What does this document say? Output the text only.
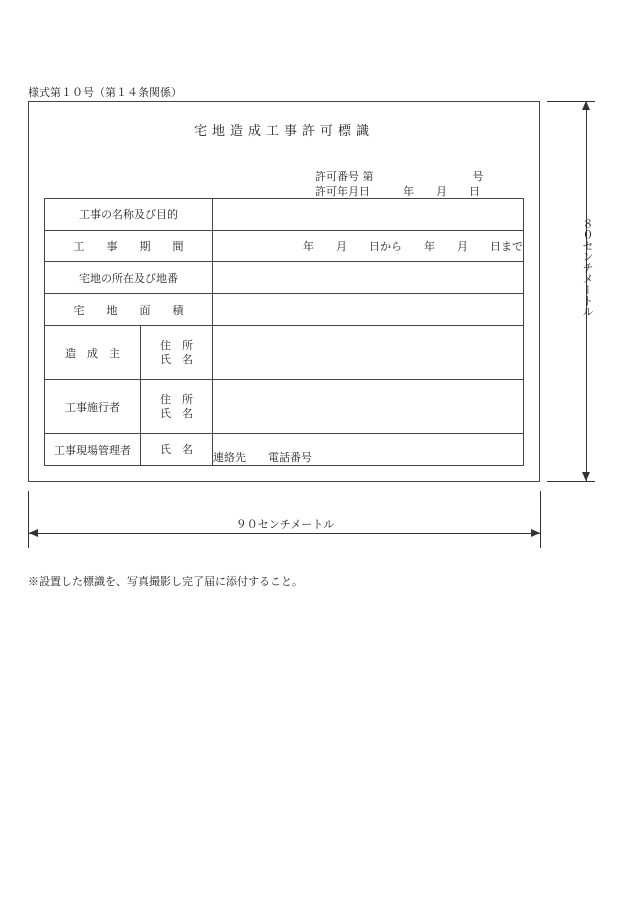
様式第１０号（第１４条関係）
宅地造成工事許可標識
許可番号 第　　　　　　　　　号
許可年月日　　　年　　月　　日
工事の名称及び目的		
工　　事　　期　　間		年　　月　　日から　　年　　月　　日まで
宅地の所在及び地番		
宅　　地　　面　　積		
造　成　主	住　所
氏　名	

工事施行者	住　所
氏　名	

工事現場管理者	氏　名	連絡先　　電話番号
８０センチメートル
９０センチメートル
※設置した標識を、写真撮影し完了届に添付すること。
